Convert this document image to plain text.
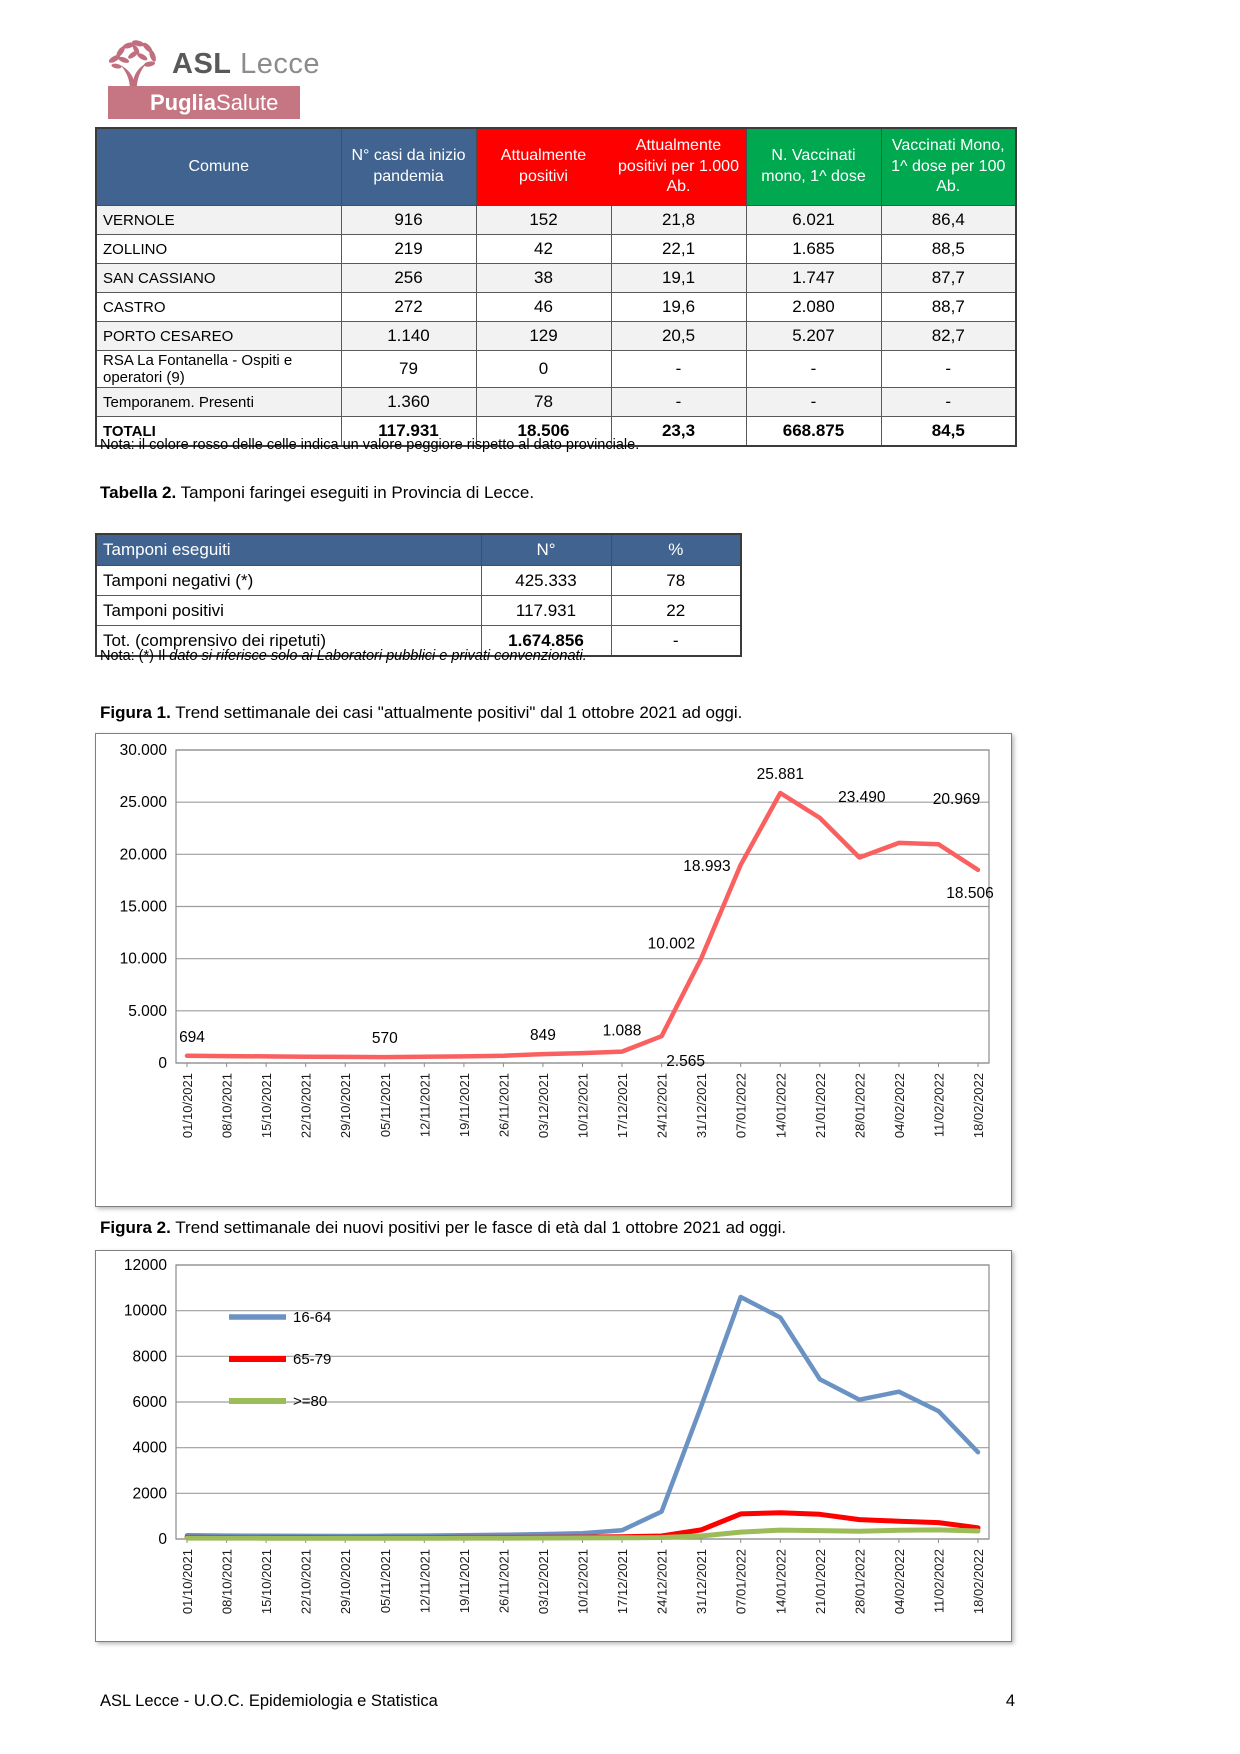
ASL Lecce
PugliaSalute
Comune	N° casi da inizio pandemia	Attualmente positivi	Attualmente positivi per 1.000 Ab.	N. Vaccinati mono, 1^ dose	Vaccinati Mono, 1^ dose per 100 Ab.
VERNOLE	916	152	21,8	6.021	86,4
ZOLLINO	219	42	22,1	1.685	88,5
SAN CASSIANO	256	38	19,1	1.747	87,7
CASTRO	272	46	19,6	2.080	88,7
PORTO CESAREO	1.140	129	20,5	5.207	82,7
RSA La Fontanella - Ospiti e operatori (9)	79	0	-	-	-
Temporanem. Presenti	1.360	78	-	-	-
TOTALI	117.931	18.506	23,3	668.875	84,5

Nota: il colore rosso delle celle indica un valore peggiore rispetto al dato provinciale.

Tabella 2. Tamponi faringei eseguiti in Provincia di Lecce.

Tamponi eseguiti	N°	%
Tamponi negativi (*)	425.333	78
Tamponi positivi	117.931	22
Tot. (comprensivo dei ripetuti)	1.674.856	-

Nota: (*) Il dato si riferisce solo ai Laboratori pubblici e privati convenzionati.

Figura 1. Trend settimanale dei casi "attualmente positivi" dal 1 ottobre 2021 ad oggi.

0
5.000
10.000
15.000
20.000
25.000
30.000
01/10/2021 08/10/2021 15/10/2021 22/10/2021 29/10/2021 05/11/2021 12/11/2021 19/11/2021 26/11/2021 03/12/2021 10/12/2021 17/12/2021 24/12/2021 31/12/2021 07/01/2022 14/01/2022 21/01/2022 28/01/2022 04/02/2022 11/02/2022 18/02/2022
694	570	849	1.088
2.565
10.002
18.993
25.881
23.490	20.969
18.506

Figura 2. Trend settimanale dei nuovi positivi per le fasce di età dal 1 ottobre 2021 ad oggi.

0
2000
4000
6000
8000
10000
12000
01/10/2021 08/10/2021 15/10/2021 22/10/2021 29/10/2021 05/11/2021 12/11/2021 19/11/2021 26/11/2021 03/12/2021 10/12/2021 17/12/2021 24/12/2021 31/12/2021 07/01/2022 14/01/2022 21/01/2022 28/01/2022 04/02/2022 11/02/2022 18/02/2022
16-64
65-79
>=80
ASL Lecce - U.O.C. Epidemiologia e Statistica	4
